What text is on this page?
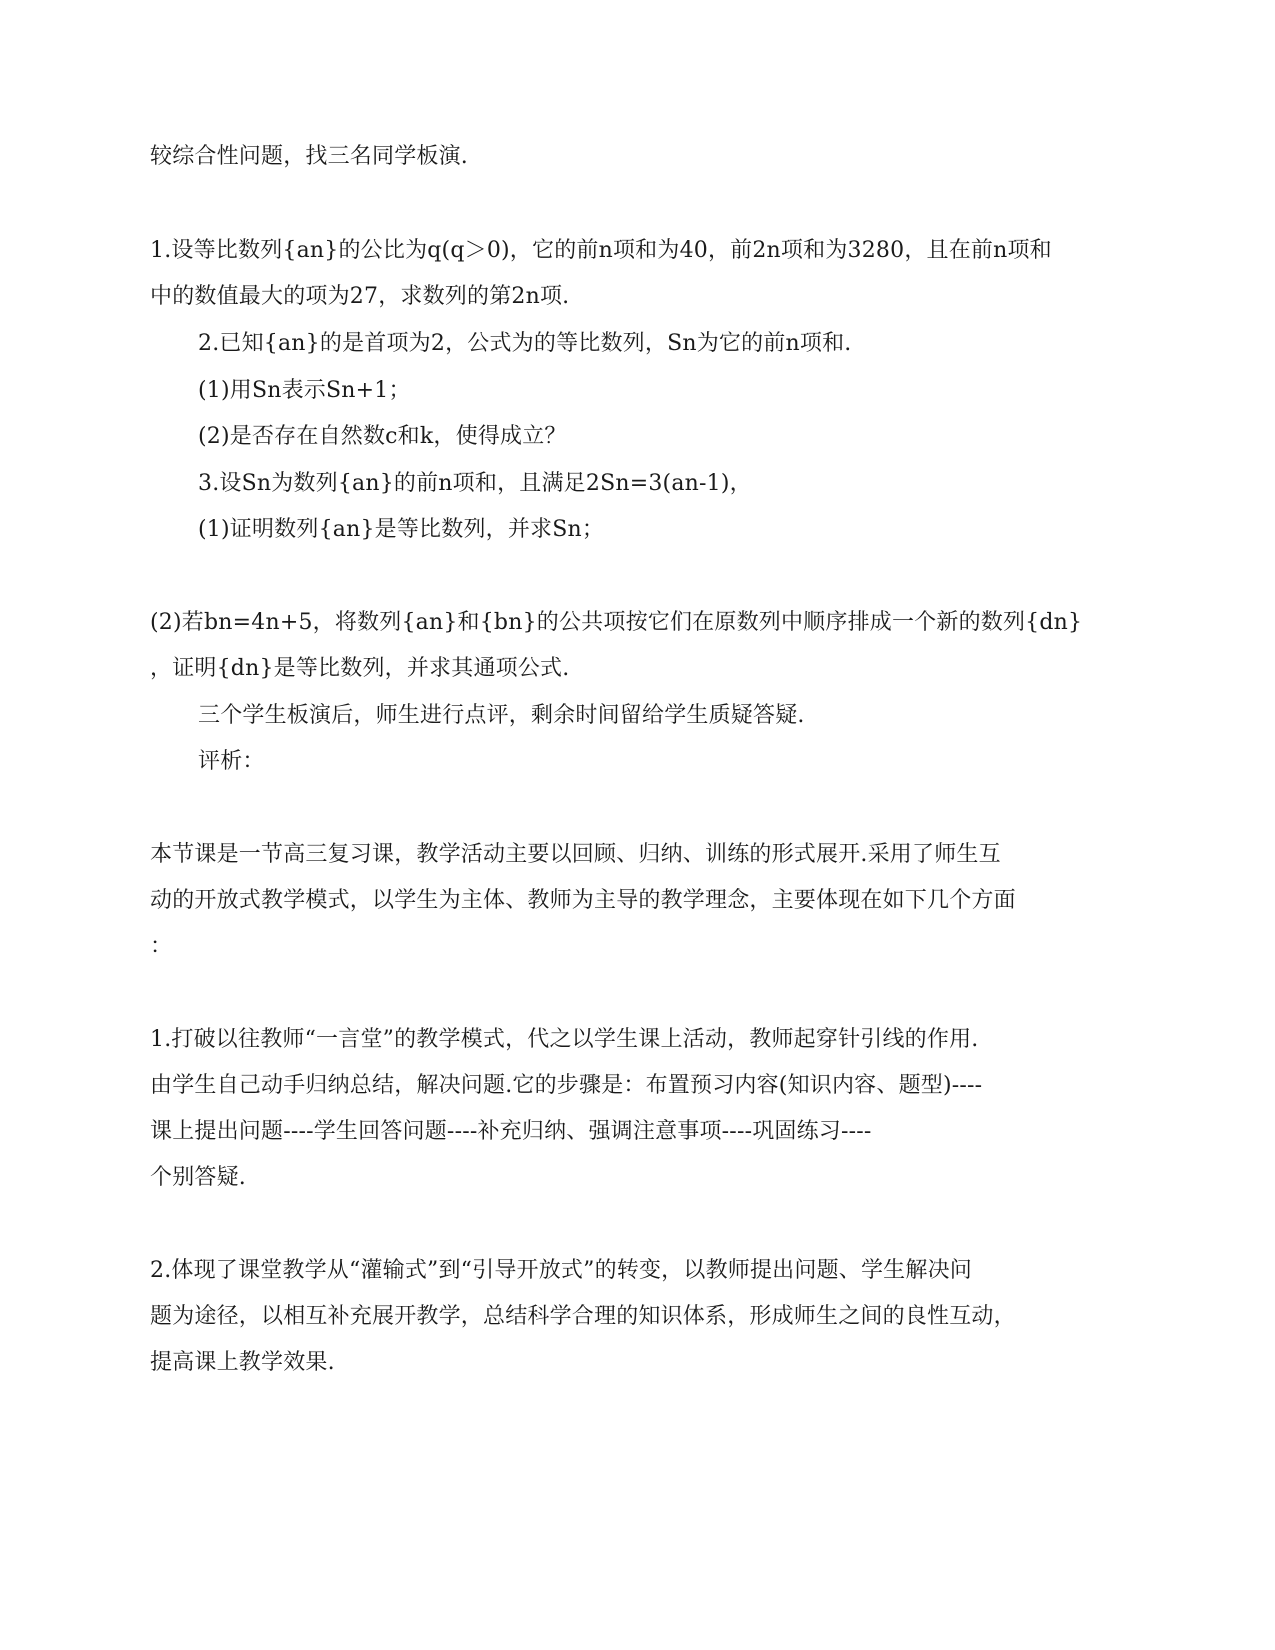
较综合性问题，找三名同学板演.
1.设等比数列{an}的公比为q(q＞0)，它的前n项和为40，前2n项和为3280，且在前n项和
中的数值最大的项为27，求数列的第2n项.
2.已知{an}的是首项为2，公式为的等比数列，Sn为它的前n项和.
(1)用Sn表示Sn+1；
(2)是否存在自然数c和k，使得成立？
3.设Sn为数列{an}的前n项和，且满足2Sn=3(an-1)，
(1)证明数列{an}是等比数列，并求Sn；
(2)若bn=4n+5，将数列{an}和{bn}的公共项按它们在原数列中顺序排成一个新的数列{dn}
，证明{dn}是等比数列，并求其通项公式.
三个学生板演后，师生进行点评，剩余时间留给学生质疑答疑.
评析：
本节课是一节高三复习课，教学活动主要以回顾、归纳、训练的形式展开.采用了师生互
动的开放式教学模式，以学生为主体、教师为主导的教学理念，主要体现在如下几个方面
：
1.打破以往教师“一言堂”的教学模式，代之以学生课上活动，教师起穿针引线的作用.
由学生自己动手归纳总结，解决问题.它的步骤是：布置预习内容(知识内容、题型)----
课上提出问题----学生回答问题----补充归纳、强调注意事项----巩固练习----
个别答疑.
2.体现了课堂教学从“灌输式”到“引导开放式”的转变，以教师提出问题、学生解决问
题为途径，以相互补充展开教学，总结科学合理的知识体系，形成师生之间的良性互动，
提高课上教学效果.
